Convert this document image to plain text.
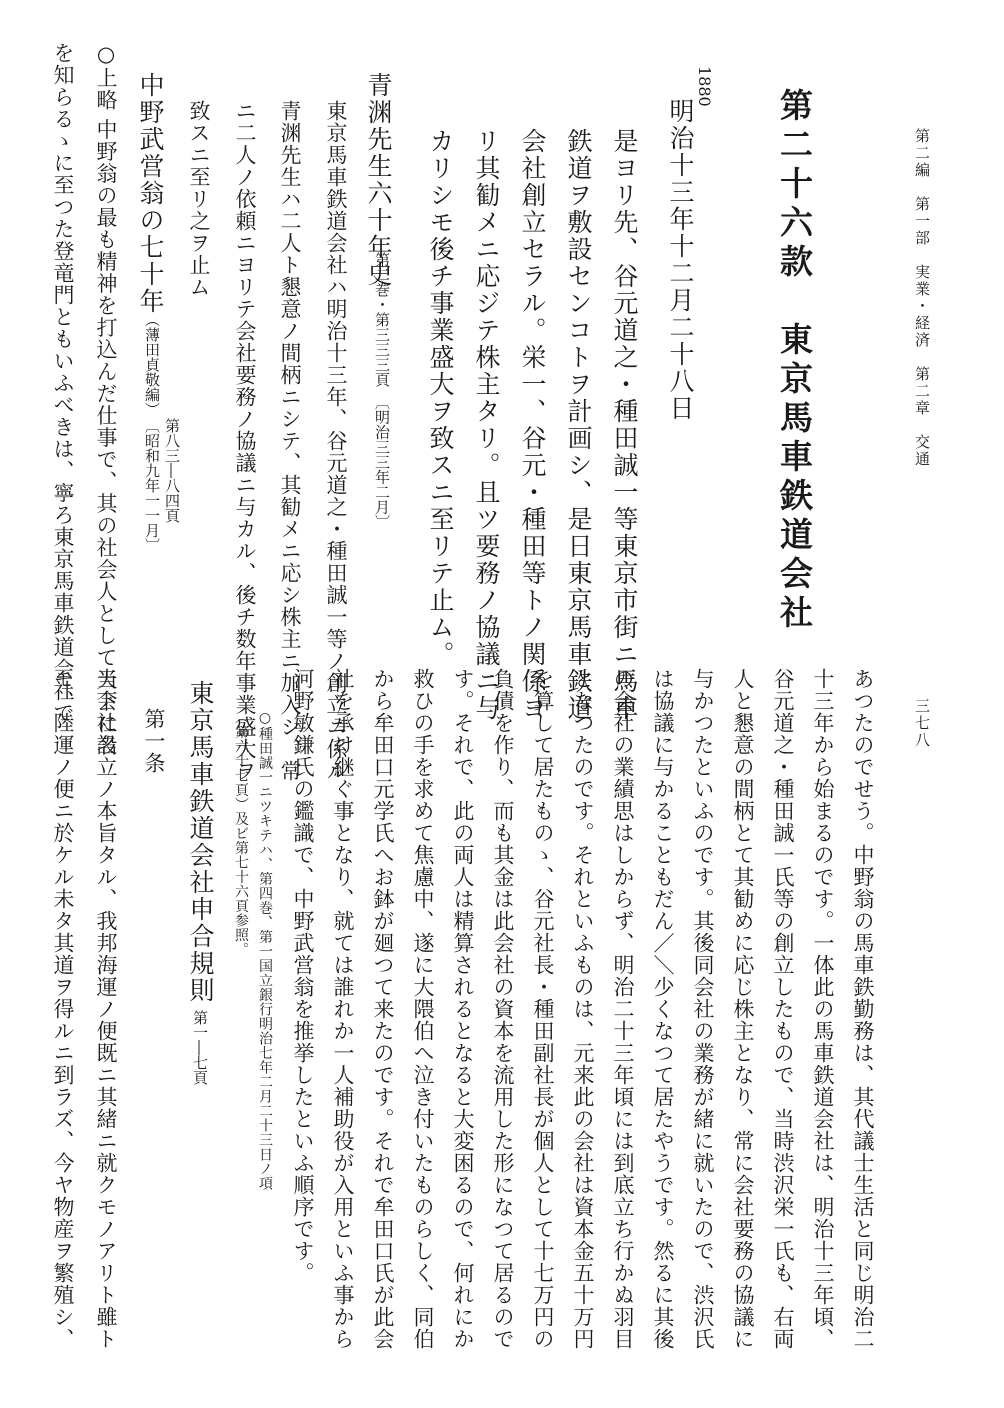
第二編　第一部　実業・経済　第二章　交通
三七八
第二十六款　東京馬車鉄道会社
1880
明治十三年十二月二十八日
是ヨリ先、谷元道之・種田誠一等東京市街ニ馬車
鉄道ヲ敷設センコトヲ計画シ、是日東京馬車鉄道
会社創立セラル。栄一、谷元・種田等トノ関係ヨ
リ其勧メニ応ジテ株主タリ。且ツ要務ノ協議ニ与
カリシモ後チ事業盛大ヲ致スニ至リテ止ム。
青渊先生六十年史
第二巻・第三三三頁　〔明治三三年二月〕
東京馬車鉄道会社ハ明治十三年、谷元道之・種田誠一等ノ創立ニ係ル
青渊先生ハ二人ト懇意ノ間柄ニシテ、其勧メニ応シ株主ニ加入シ、常
ニ二人ノ依頼ニヨリテ会社要務ノ協議ニ与カル、後チ数年事業盛大ヲ
致スニ至リ之ヲ止ム
中野武営翁の七十年
（薄田貞敬編）
第八三―八四頁
〔昭和九年一一月〕
○上略 中野翁の最も精神を打込んだ仕事で、其の社会人として天下に名
を知らるゝに至つた登竜門ともいふべきは、寧ろ東京馬車鉄道会社で
あつたのでせう。中野翁の馬車鉄勤務は、其代議士生活と同じ明治二
十三年から始まるのです。一体此の馬車鉄道会社は、明治十三年頃、
谷元道之・種田誠一氏等の創立したもので、当時渋沢栄一氏も、右両
人と懇意の間柄とて其勧めに応じ株主となり、常に会社要務の協議に
与かつたといふのです。其後同会社の業務が緒に就いたので、渋沢氏
は協議に与かることもだん／＼少くなつて居たやうです。然るに其後
の会社の業績思はしからず、明治二十三年頃には到底立ち行かぬ羽目
となつたのです。それといふものは、元来此の会社は資本金五十万円
を算して居たものゝ、谷元社長・種田副社長が個人として十七万円の
負債を作り、而も其金は此会社の資本を流用した形になつて居るので
す。それで、此の両人は精算されるとなると大変困るので、何れにか
救ひの手を求めて焦慮中、遂に大隈伯へ泣き付いたものらしく、同伯
から牟田口元学氏へお鉢が廻つて来たのです。それで牟田口氏が此会
社を承け継ぐ事となり、就ては誰れか一人補助役が入用といふ事から
河野敏鎌氏の鑑識で、中野武営翁を推挙したといふ順序です。
○種田誠一ニツキテハ、第四巻、第一国立銀行明治七年二月二十三日ノ項
（第六十七頁）及ビ第七十六頁参照。
東京馬車鉄道会社申合規則
第一―七頁
第一条
当会社設立ノ本旨タル、我邦海運ノ便既ニ其緒ニ就クモノアリト雖ト
モ、陸運ノ便ニ於ケル未タ其道ヲ得ルニ到ラズ、今ヤ物産ヲ繁殖シ、
